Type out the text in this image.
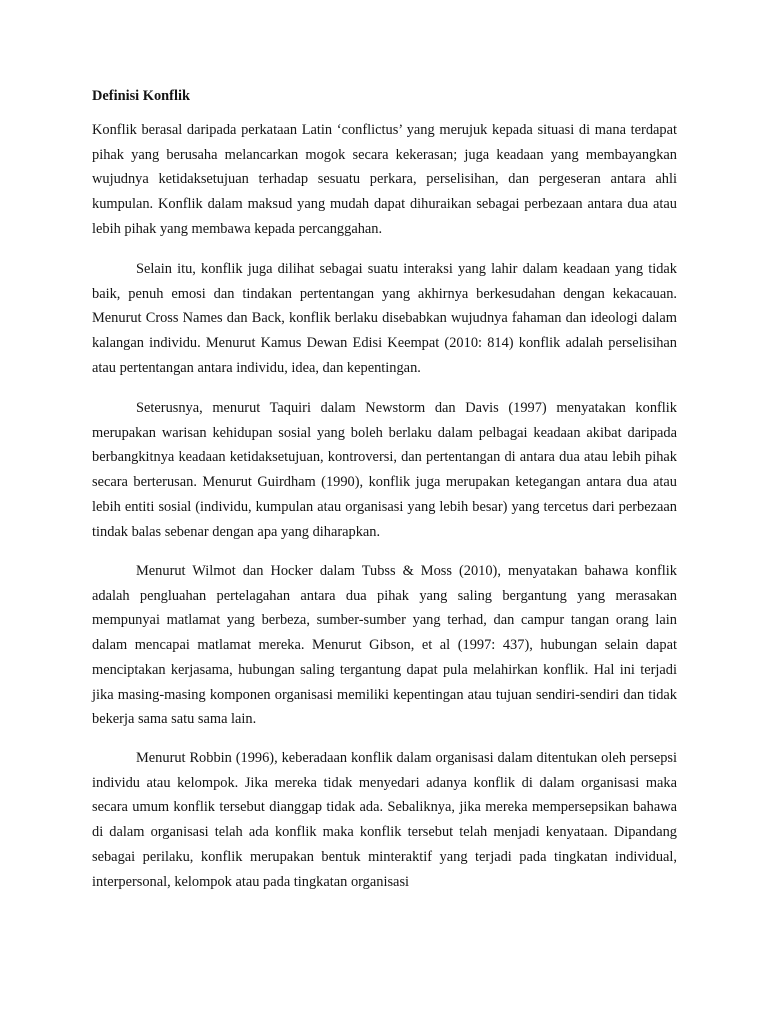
Definisi Konflik

Konflik berasal daripada perkataan Latin ‘conflictus’ yang merujuk kepada situasi di mana terdapat pihak yang berusaha melancarkan mogok secara kekerasan; juga keadaan yang membayangkan wujudnya ketidaksetujuan terhadap sesuatu perkara, perselisihan, dan pergeseran antara ahli kumpulan. Konflik dalam maksud yang mudah dapat dihuraikan sebagai perbezaan antara dua atau lebih pihak yang membawa kepada percanggahan.

Selain itu, konflik juga dilihat sebagai suatu interaksi yang lahir dalam keadaan yang tidak baik, penuh emosi dan tindakan pertentangan yang akhirnya berkesudahan dengan kekacauan. Menurut Cross Names dan Back, konflik berlaku disebabkan wujudnya fahaman dan ideologi dalam kalangan individu. Menurut Kamus Dewan Edisi Keempat (2010: 814) konflik adalah perselisihan atau pertentangan antara individu, idea, dan kepentingan.

Seterusnya, menurut Taquiri dalam Newstorm dan Davis (1997) menyatakan konflik merupakan warisan kehidupan sosial yang boleh berlaku dalam pelbagai keadaan akibat daripada berbangkitnya keadaan ketidaksetujuan, kontroversi, dan pertentangan di antara dua atau lebih pihak secara berterusan. Menurut Guirdham (1990), konflik juga merupakan ketegangan antara dua atau lebih entiti sosial (individu, kumpulan atau organisasi yang lebih besar) yang tercetus dari perbezaan tindak balas sebenar dengan apa yang diharapkan.

Menurut Wilmot dan Hocker dalam Tubss & Moss (2010), menyatakan bahawa konflik adalah pengluahan pertelagahan antara dua pihak yang saling bergantung yang merasakan mempunyai matlamat yang berbeza, sumber-sumber yang terhad, dan campur tangan orang lain dalam mencapai matlamat mereka. Menurut Gibson, et al (1997: 437), hubungan selain dapat menciptakan kerjasama, hubungan saling tergantung dapat pula melahirkan konflik. Hal ini terjadi jika masing-masing komponen organisasi memiliki kepentingan atau tujuan sendiri-sendiri dan tidak bekerja sama satu sama lain.

Menurut Robbin (1996), keberadaan konflik dalam organisasi dalam ditentukan oleh persepsi individu atau kelompok. Jika mereka tidak menyedari adanya konflik di dalam organisasi maka secara umum konflik tersebut dianggap tidak ada. Sebaliknya, jika mereka mempersepsikan bahawa di dalam organisasi telah ada konflik maka konflik tersebut telah menjadi kenyataan. Dipandang sebagai perilaku, konflik merupakan bentuk minteraktif yang terjadi pada tingkatan individual, interpersonal, kelompok atau pada tingkatan organisasi
